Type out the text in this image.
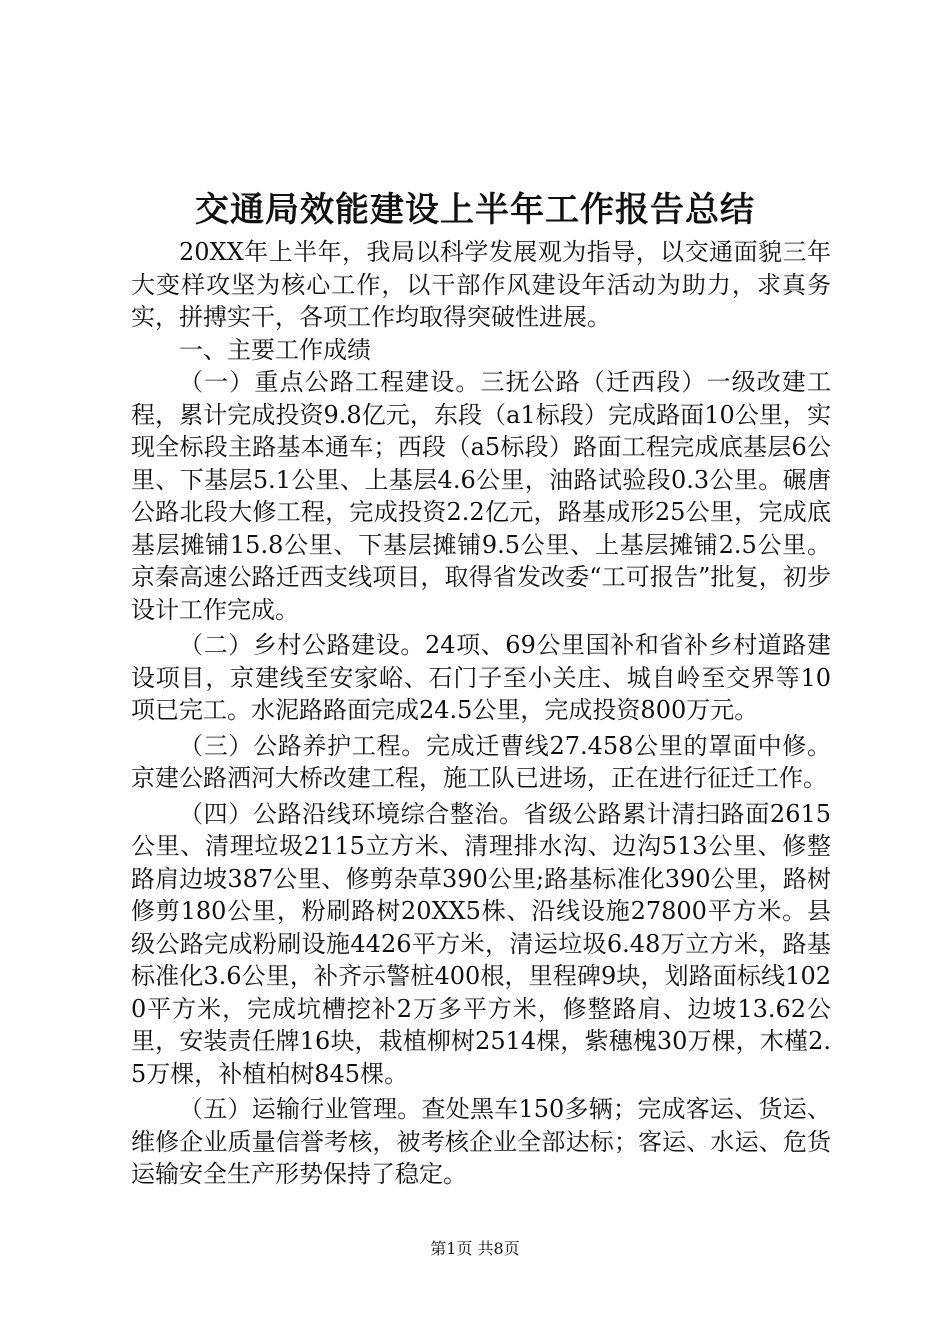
交通局效能建设上半年工作报告总结

20XX年上半年，我局以科学发展观为指导，以交通面貌三年大变样攻坚为核心工作，以干部作风建设年活动为助力，求真务实，拼搏实干，各项工作均取得突破性进展。

一、主要工作成绩

（一）重点公路工程建设。三抚公路（迁西段）一级改建工程，累计完成投资9.8亿元，东段（a1标段）完成路面10公里，实现全标段主路基本通车；西段（a5标段）路面工程完成底基层6公里、下基层5.1公里、上基层4.6公里，油路试验段0.3公里。碾唐公路北段大修工程，完成投资2.2亿元，路基成形25公里，完成底基层摊铺15.8公里、下基层摊铺9.5公里、上基层摊铺2.5公里。京秦高速公路迁西支线项目，取得省发改委“工可报告”批复，初步设计工作完成。

（二）乡村公路建设。24项、69公里国补和省补乡村道路建设项目，京建线至安家峪、石门子至小关庄、城自岭至交界等10项已完工。水泥路路面完成24.5公里，完成投资800万元。

（三）公路养护工程。完成迁曹线27.458公里的罩面中修。京建公路洒河大桥改建工程，施工队已进场，正在进行征迁工作。

（四）公路沿线环境综合整治。省级公路累计清扫路面2615公里、清理垃圾2115立方米、清理排水沟、边沟513公里、修整路肩边坡387公里、修剪杂草390公里;路基标准化390公里，路树修剪180公里，粉刷路树20XX5株、沿线设施27800平方米。县级公路完成粉刷设施4426平方米，清运垃圾6.48万立方米，路基标准化3.6公里，补齐示警桩400根，里程碑9块，划路面标线1020平方米，完成坑槽挖补2万多平方米，修整路肩、边坡13.62公里，安装责任牌16块，栽植柳树2514棵，紫穗槐30万棵，木槿2.5万棵，补植柏树845棵。

（五）运输行业管理。查处黑车150多辆；完成客运、货运、维修企业质量信誉考核，被考核企业全部达标；客运、水运、危货运输安全生产形势保持了稳定。

第1页 共8页
